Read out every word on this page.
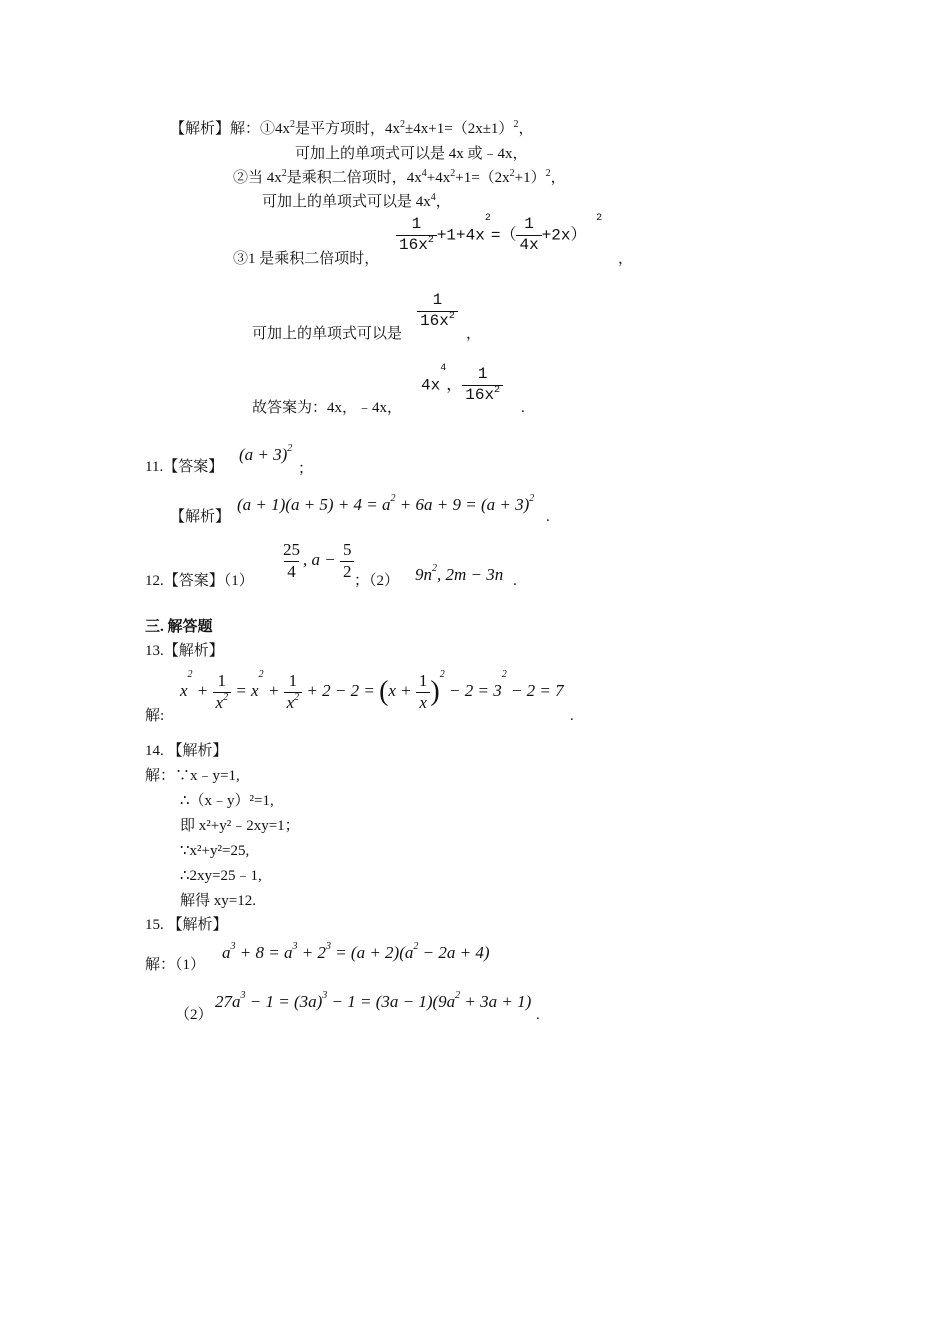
【解析】解：$①4x^2$是平方项时，$4x^2\pm 4x+1=(2x\pm 1)^2$，
可加上的单项式可以是 4x 或﹣4x，
②当 $4x^2$是乘积二倍项时，$4x^4+4x^2+1=(2x^2+1)^2$，
可加上的单项式可以是 $4x^4$，
③1 是乘积二倍项时，
$\frac{1}{16x^2} +1+4x^2=( \frac{1}{4x} +2x)$ $^2$
，
可加上的单项式可以是
$\frac{1}{16x^2}$
，
故答案为：4x，﹣4x，
$4x^4$， $\frac{1}{16x^2}$
.
11.【答案】
$(a + 3)^2$
；
【解析】
$(a + 1)(a + 5) + 4 = a^2 + 6a + 9 = (a + 3)^2$
.
12.【答案】$(1) \frac{25}{4}$ , $a - \frac{5}{2}$ ；（2） $9n^2$, 2m − 3n .
三. 解答题
13.【解析】
解:
$x^2 + \frac{1}{x^2} = x^2 + \frac{1}{x^2} + 2 - 2 = (x + \frac{1}{x} )^2 - 2 = 3^2 - 2 = 7$
.
14. 【解析】
解：∵x﹣y=1,
∴（x﹣y）²=1,
即 x²+y²﹣2xy=1；
∵x²+y²=25,
∴2xy=25﹣1,
解得 xy=12.
15. 【解析】
解：（1）
$a^3 + 8 = a^3 + 2^3 = (a + 2)(a^2 - 2a + 4)$
（2）
$27a^3 - 1 = (3a)^3 - 1 = (3a - 1)(9a^2 + 3a + 1)$
.
